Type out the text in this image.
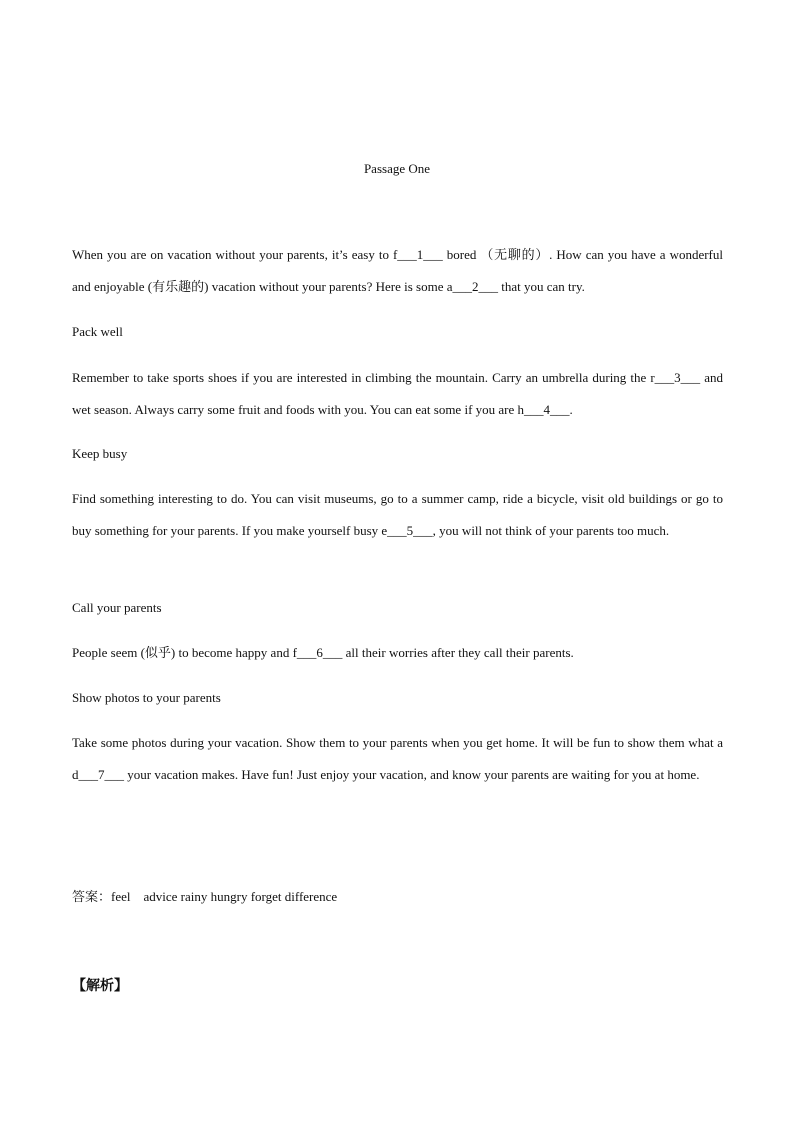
Passage One

When you are on vacation without your parents, it’s easy to f___1___ bored （无聊的）. How can you have a wonderful and enjoyable (有乐趣的) vacation without your parents? Here is some a___2___ that you can try.

Pack well

Remember to take sports shoes if you are interested in climbing the mountain. Carry an umbrella during the r___3___ and wet season. Always carry some fruit and foods with you. You can eat some if you are h___4___.

Keep busy

Find something interesting to do. You can visit museums, go to a summer camp, ride a bicycle, visit old buildings or go to buy something for your parents. If you make yourself busy e___5___, you will not think of your parents too much.

Call your parents

People seem (似乎) to become happy and f___6___ all their worries after they call their parents.

Show photos to your parents

Take some photos during your vacation. Show them to your parents when you get home. It will be fun to show them what a d___7___ your vacation makes. Have fun! Just enjoy your vacation, and know your parents are waiting for you at home.

答案：feel    advice rainy hungry forget difference
【解析】
